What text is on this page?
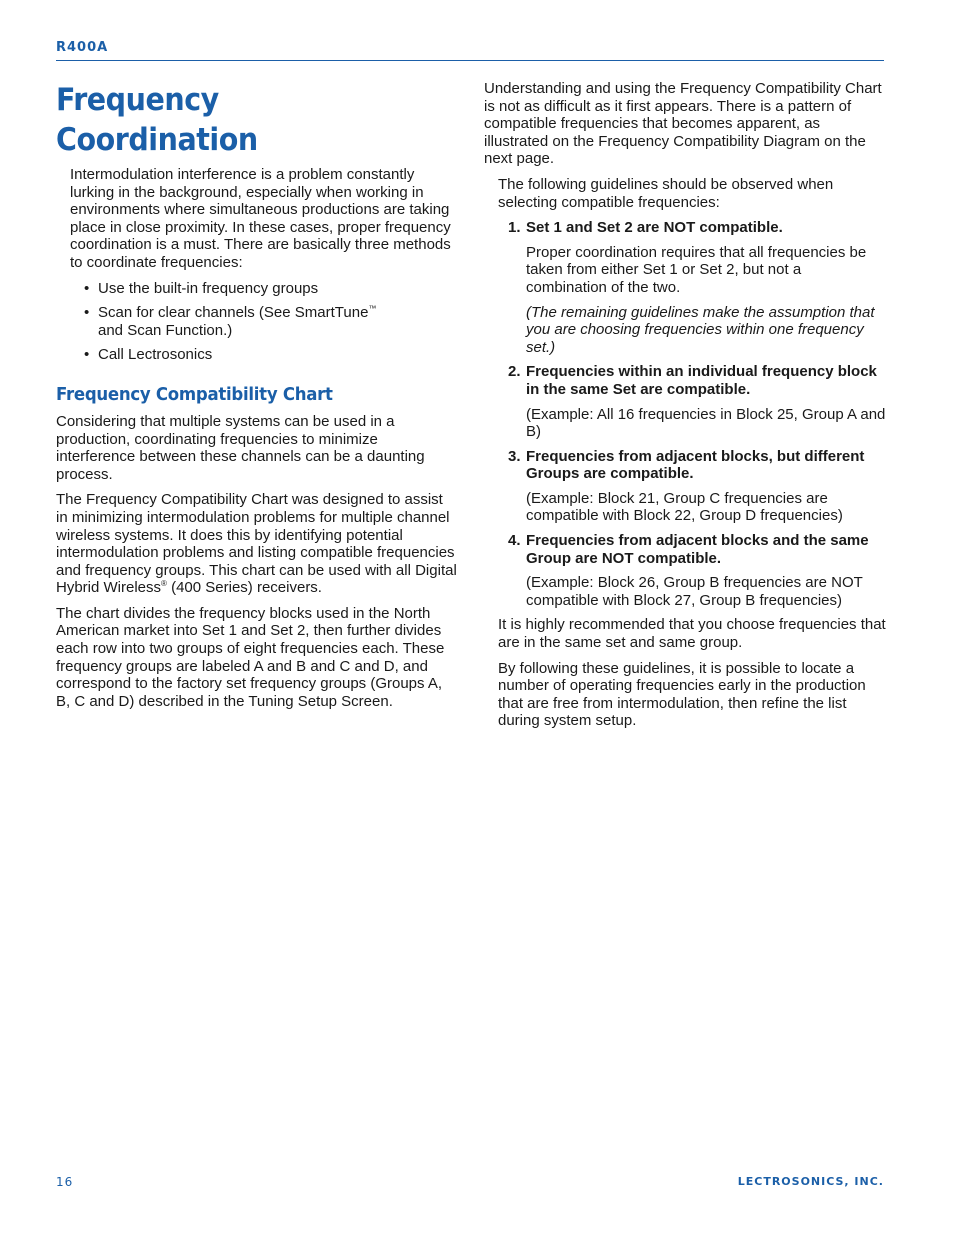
R400A
Frequency Coordination

Intermodulation interference is a problem constantly lurking in the background, especially when working in environments where simultaneous productions are taking place in close proximity. In these cases, proper frequency coordination is a must. There are basically three methods to coordinate frequencies:

• Use the built-in frequency groups
• Scan for clear channels (See SmartTune™
and Scan Function.)
• Call Lectrosonics
Frequency Compatibility Chart

Considering that multiple systems can be used in a production, coordinating frequencies to minimize interference between these channels can be a daunting process.

The Frequency Compatibility Chart was designed to assist in minimizing intermodulation problems for multiple channel wireless systems. It does this by identifying potential intermodulation problems and listing compatible frequencies and frequency groups. This chart can be used with all Digital Hybrid Wireless® (400 Series) receivers.

The chart divides the frequency blocks used in the North American market into Set 1 and Set 2, then further divides each row into two groups of eight frequencies each. These frequency groups are labeled A and B and C and D, and correspond to the factory set frequency groups (Groups A, B, C and D) described in the Tuning Setup Screen.

Understanding and using the Frequency Compatibility Chart is not as difficult as it first appears. There is a pattern of compatible frequencies that becomes apparent, as illustrated on the Frequency Compatibility Diagram on the next page.

The following guidelines should be observed when selecting compatible frequencies:

1. Set 1 and Set 2 are NOT compatible.
Proper coordination requires that all frequencies be taken from either Set 1 or Set 2, but not a combination of the two.
(The remaining guidelines make the assumption that you are choosing frequencies within one frequency set.)
2. Frequencies within an individual frequency block in the same Set are compatible.
(Example: All 16 frequencies in Block 25, Group A and B)
3. Frequencies from adjacent blocks, but different Groups are compatible.
(Example: Block 21, Group C frequencies are compatible with Block 22, Group D frequencies)
4. Frequencies from adjacent blocks and the same Group are NOT compatible.
(Example: Block 26, Group B frequencies are NOT compatible with Block 27, Group B frequencies)

It is highly recommended that you choose frequencies that are in the same set and same group.

By following these guidelines, it is possible to locate a number of operating frequencies early in the production that are free from intermodulation, then refine the list during system setup.

16	LECTROSONICS, INC.
